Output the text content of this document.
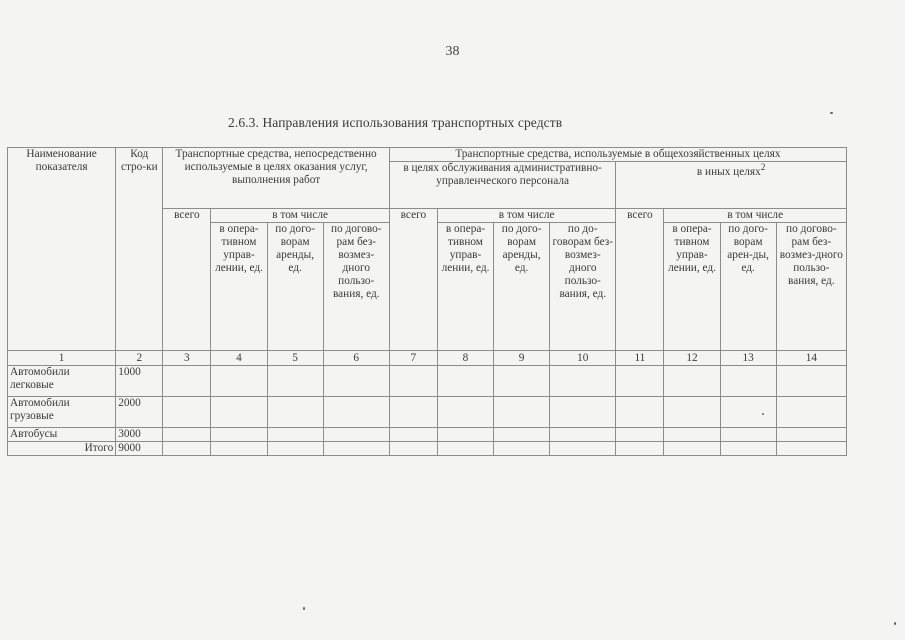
38
2.6.3. Направления использования транспортных средств
Наименование показателя	Код стро-ки	Транспортные средства, непосредственно используемые в целях оказания услуг, выполнения работ				Транспортные средства, используемые в общехозяйственных целях							
						в целях обслуживания административно-управленческого персонала				в иных целях$^2$
		всего	в том числе			всего	в том числе			всего	в том числе		
			в опера-тивном управ-лении, ед.	по дого-ворам аренды, ед.	по догово-рам без-возмез-дного пользо-вания, ед.		в опера-тивном управ-лении, ед.	по дого-ворам аренды, ед.	по до-говорам без-возмез-дного пользо-вания, ед.		в опера-тивном управ-лении, ед.	по дого-ворам арен-ды, ед.	по догово-рам без-возмез-дного пользо-вания, ед.
1	2	3	4	5	6	7	8	9	10	11	12	13	14
Автомобили легковые	1000												
Автомобили грузовые	2000												
Автобусы	3000												
Итого	9000												
